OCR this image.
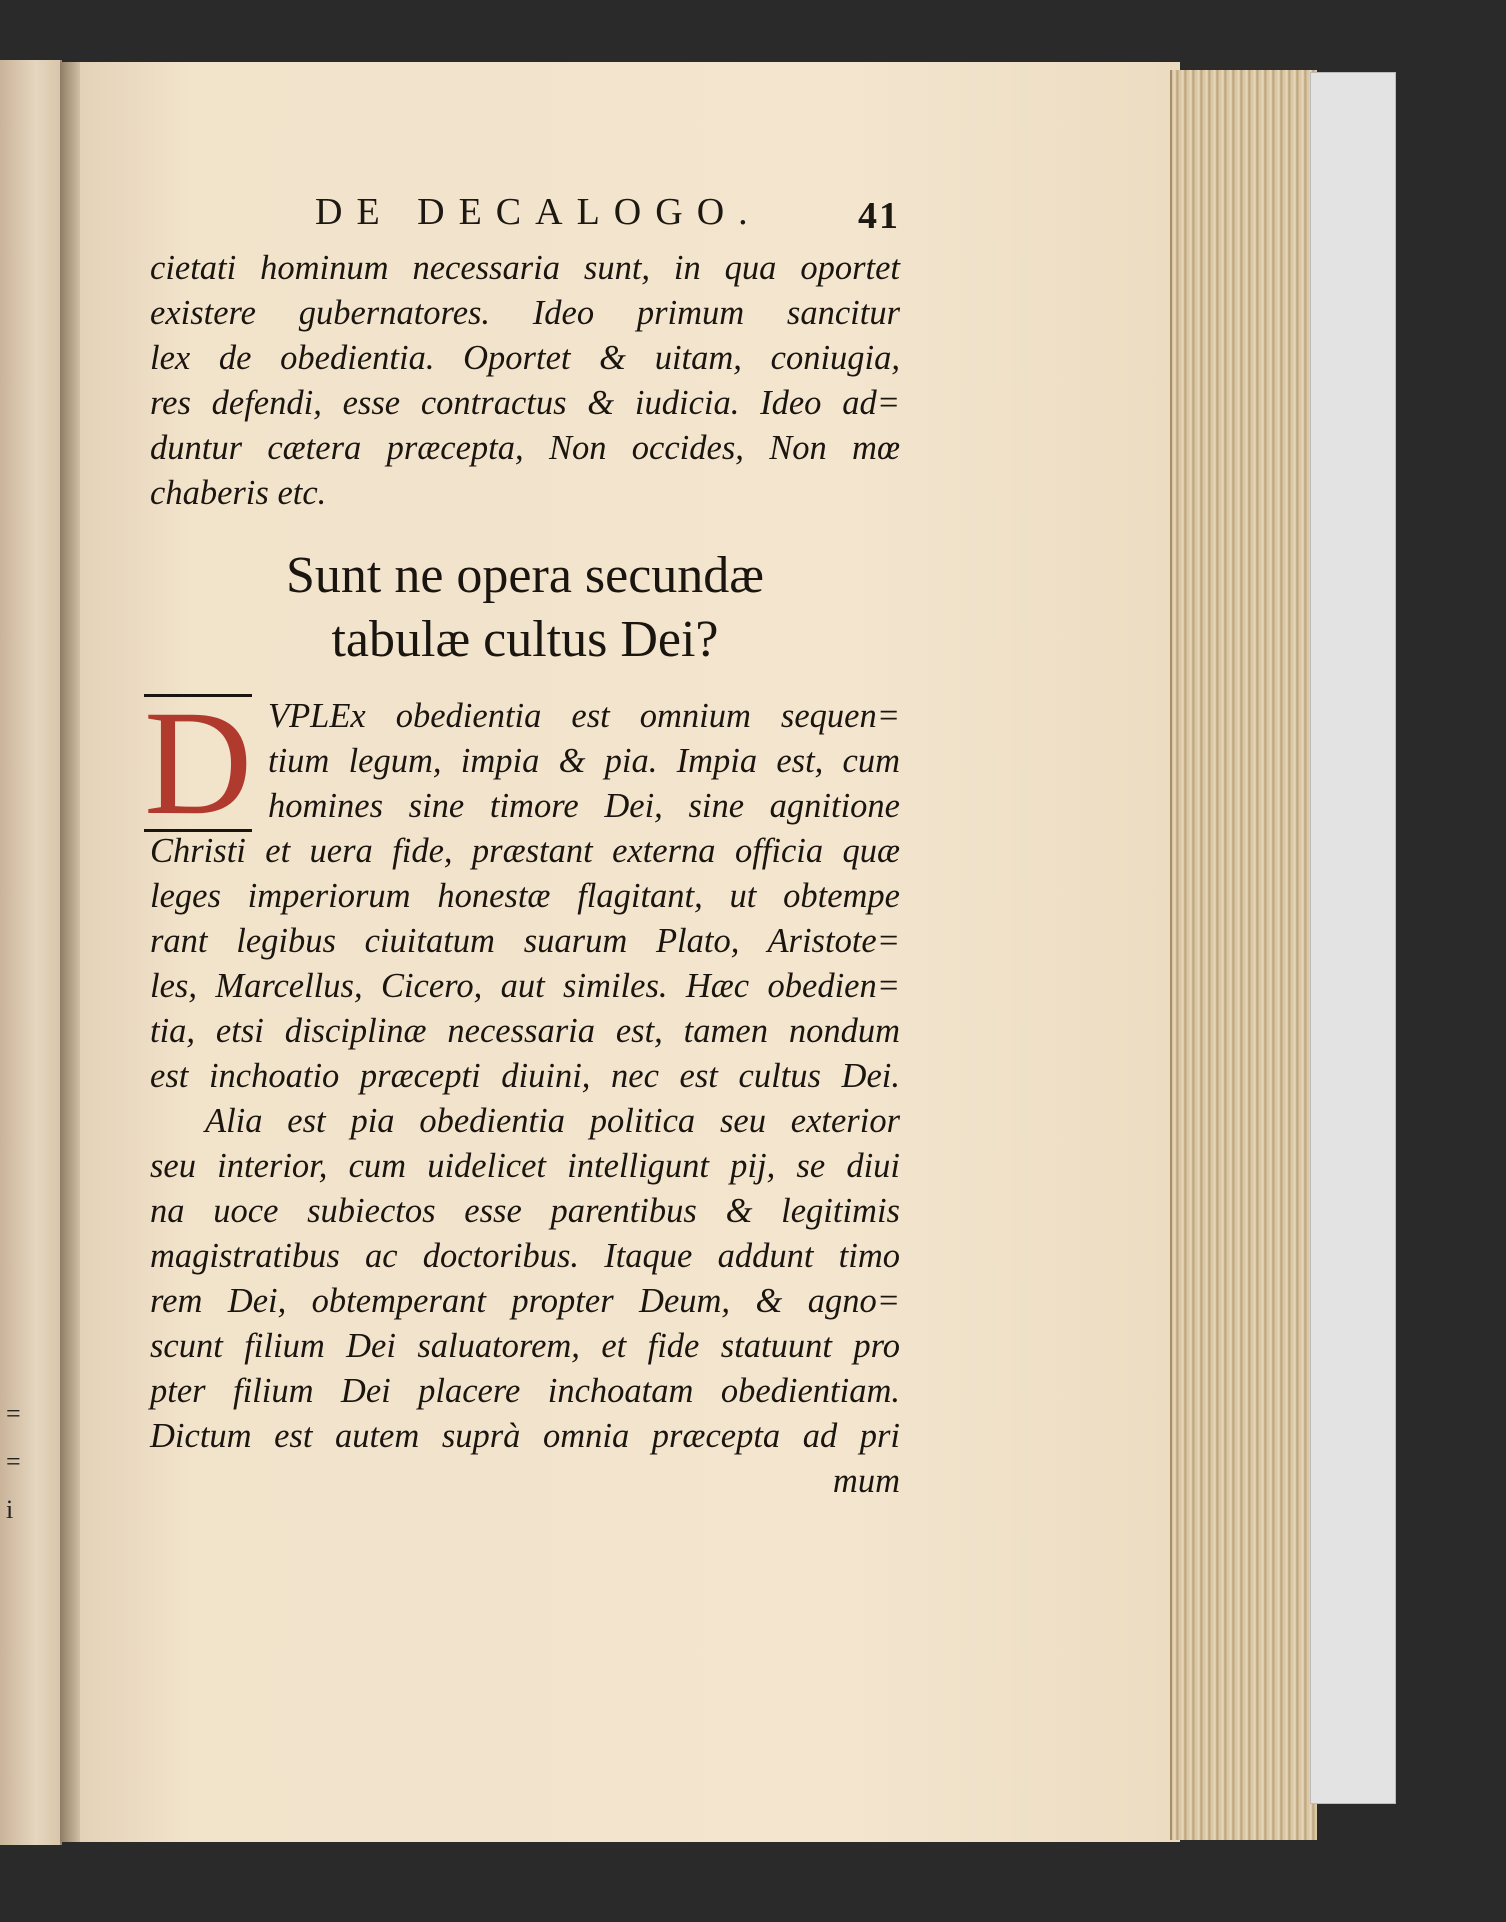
=
=
i
DE DECALOGO.	41
cietati hominum necessaria sunt, in qua oportet
existere gubernatores. Ideo primum sancitur
lex de obedientia. Oportet & uitam, coniugia,
res defendi, esse contractus & iudicia. Ideo ad=
duntur cætera præcepta, Non occides, Non mœ
chaberis etc.
Sunt ne opera secundæ
tabulæ cultus Dei?
D VPLEx obedientia est omnium sequen=
tium legum, impia & pia. Impia est, cum
homines sine timore Dei, sine agnitione
Christi et uera fide, præstant externa officia quæ
leges imperiorum honestæ flagitant, ut obtempe
rant legibus ciuitatum suarum Plato, Aristote=
les, Marcellus, Cicero, aut similes. Hæc obedien=
tia, etsi disciplinæ necessaria est, tamen nondum
est inchoatio præcepti diuini, nec est cultus Dei.
Alia est pia obedientia politica seu exterior
seu interior, cum uidelicet intelligunt pij, se diui
na uoce subiectos esse parentibus & legitimis
magistratibus ac doctoribus. Itaque addunt timo
rem Dei, obtemperant propter Deum, & agno=
scunt filium Dei saluatorem, et fide statuunt pro
pter filium Dei placere inchoatam obedientiam.
Dictum est autem suprà omnia præcepta ad pri
mum
